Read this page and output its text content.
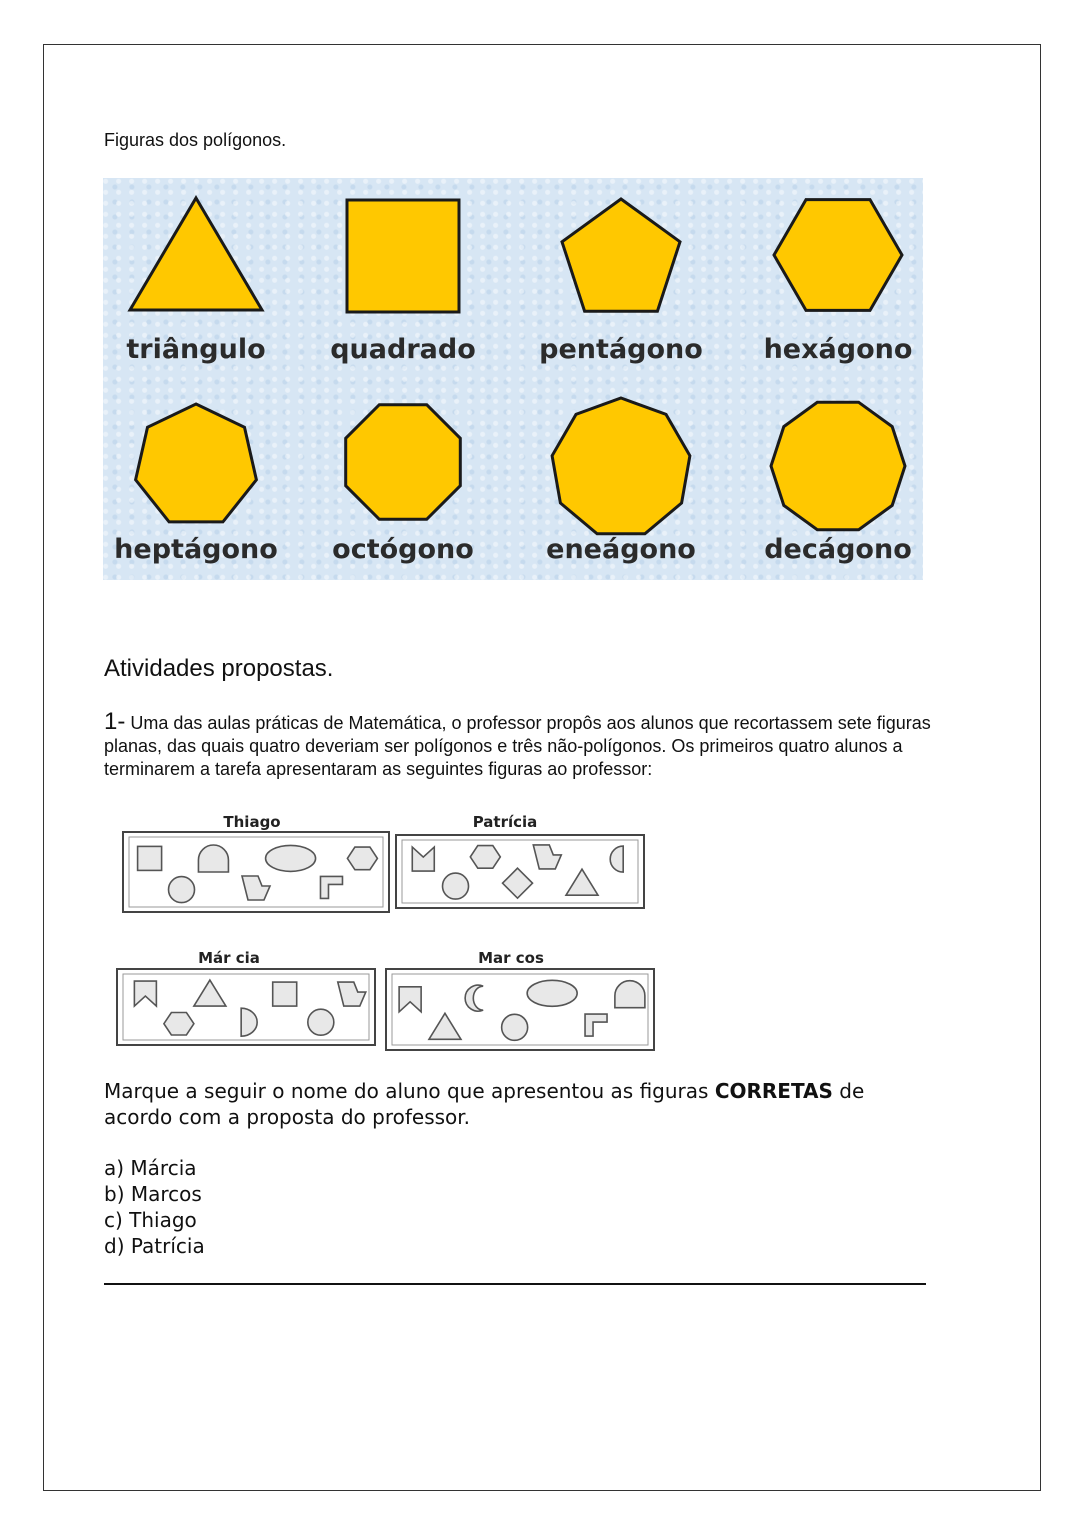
Figuras dos polígonos.
triângulo	quadrado	pentágono	hexágono
heptágono	octógono	eneágono	decágono
Atividades propostas.
1- Uma das aulas práticas de Matemática, o professor propôs aos alunos que recortassem sete figuras planas, das quais quatro deveriam ser polígonos e três não-polígonos. Os primeiros quatro alunos a terminarem a tarefa apresentaram as seguintes figuras ao professor:
Thiago	Patrícia
Már cia	Mar cos
Marque a seguir o nome do aluno que apresentou as figuras CORRETAS de acordo com a proposta do professor.
a) Márcia
b) Marcos
c) Thiago
d) Patrícia
